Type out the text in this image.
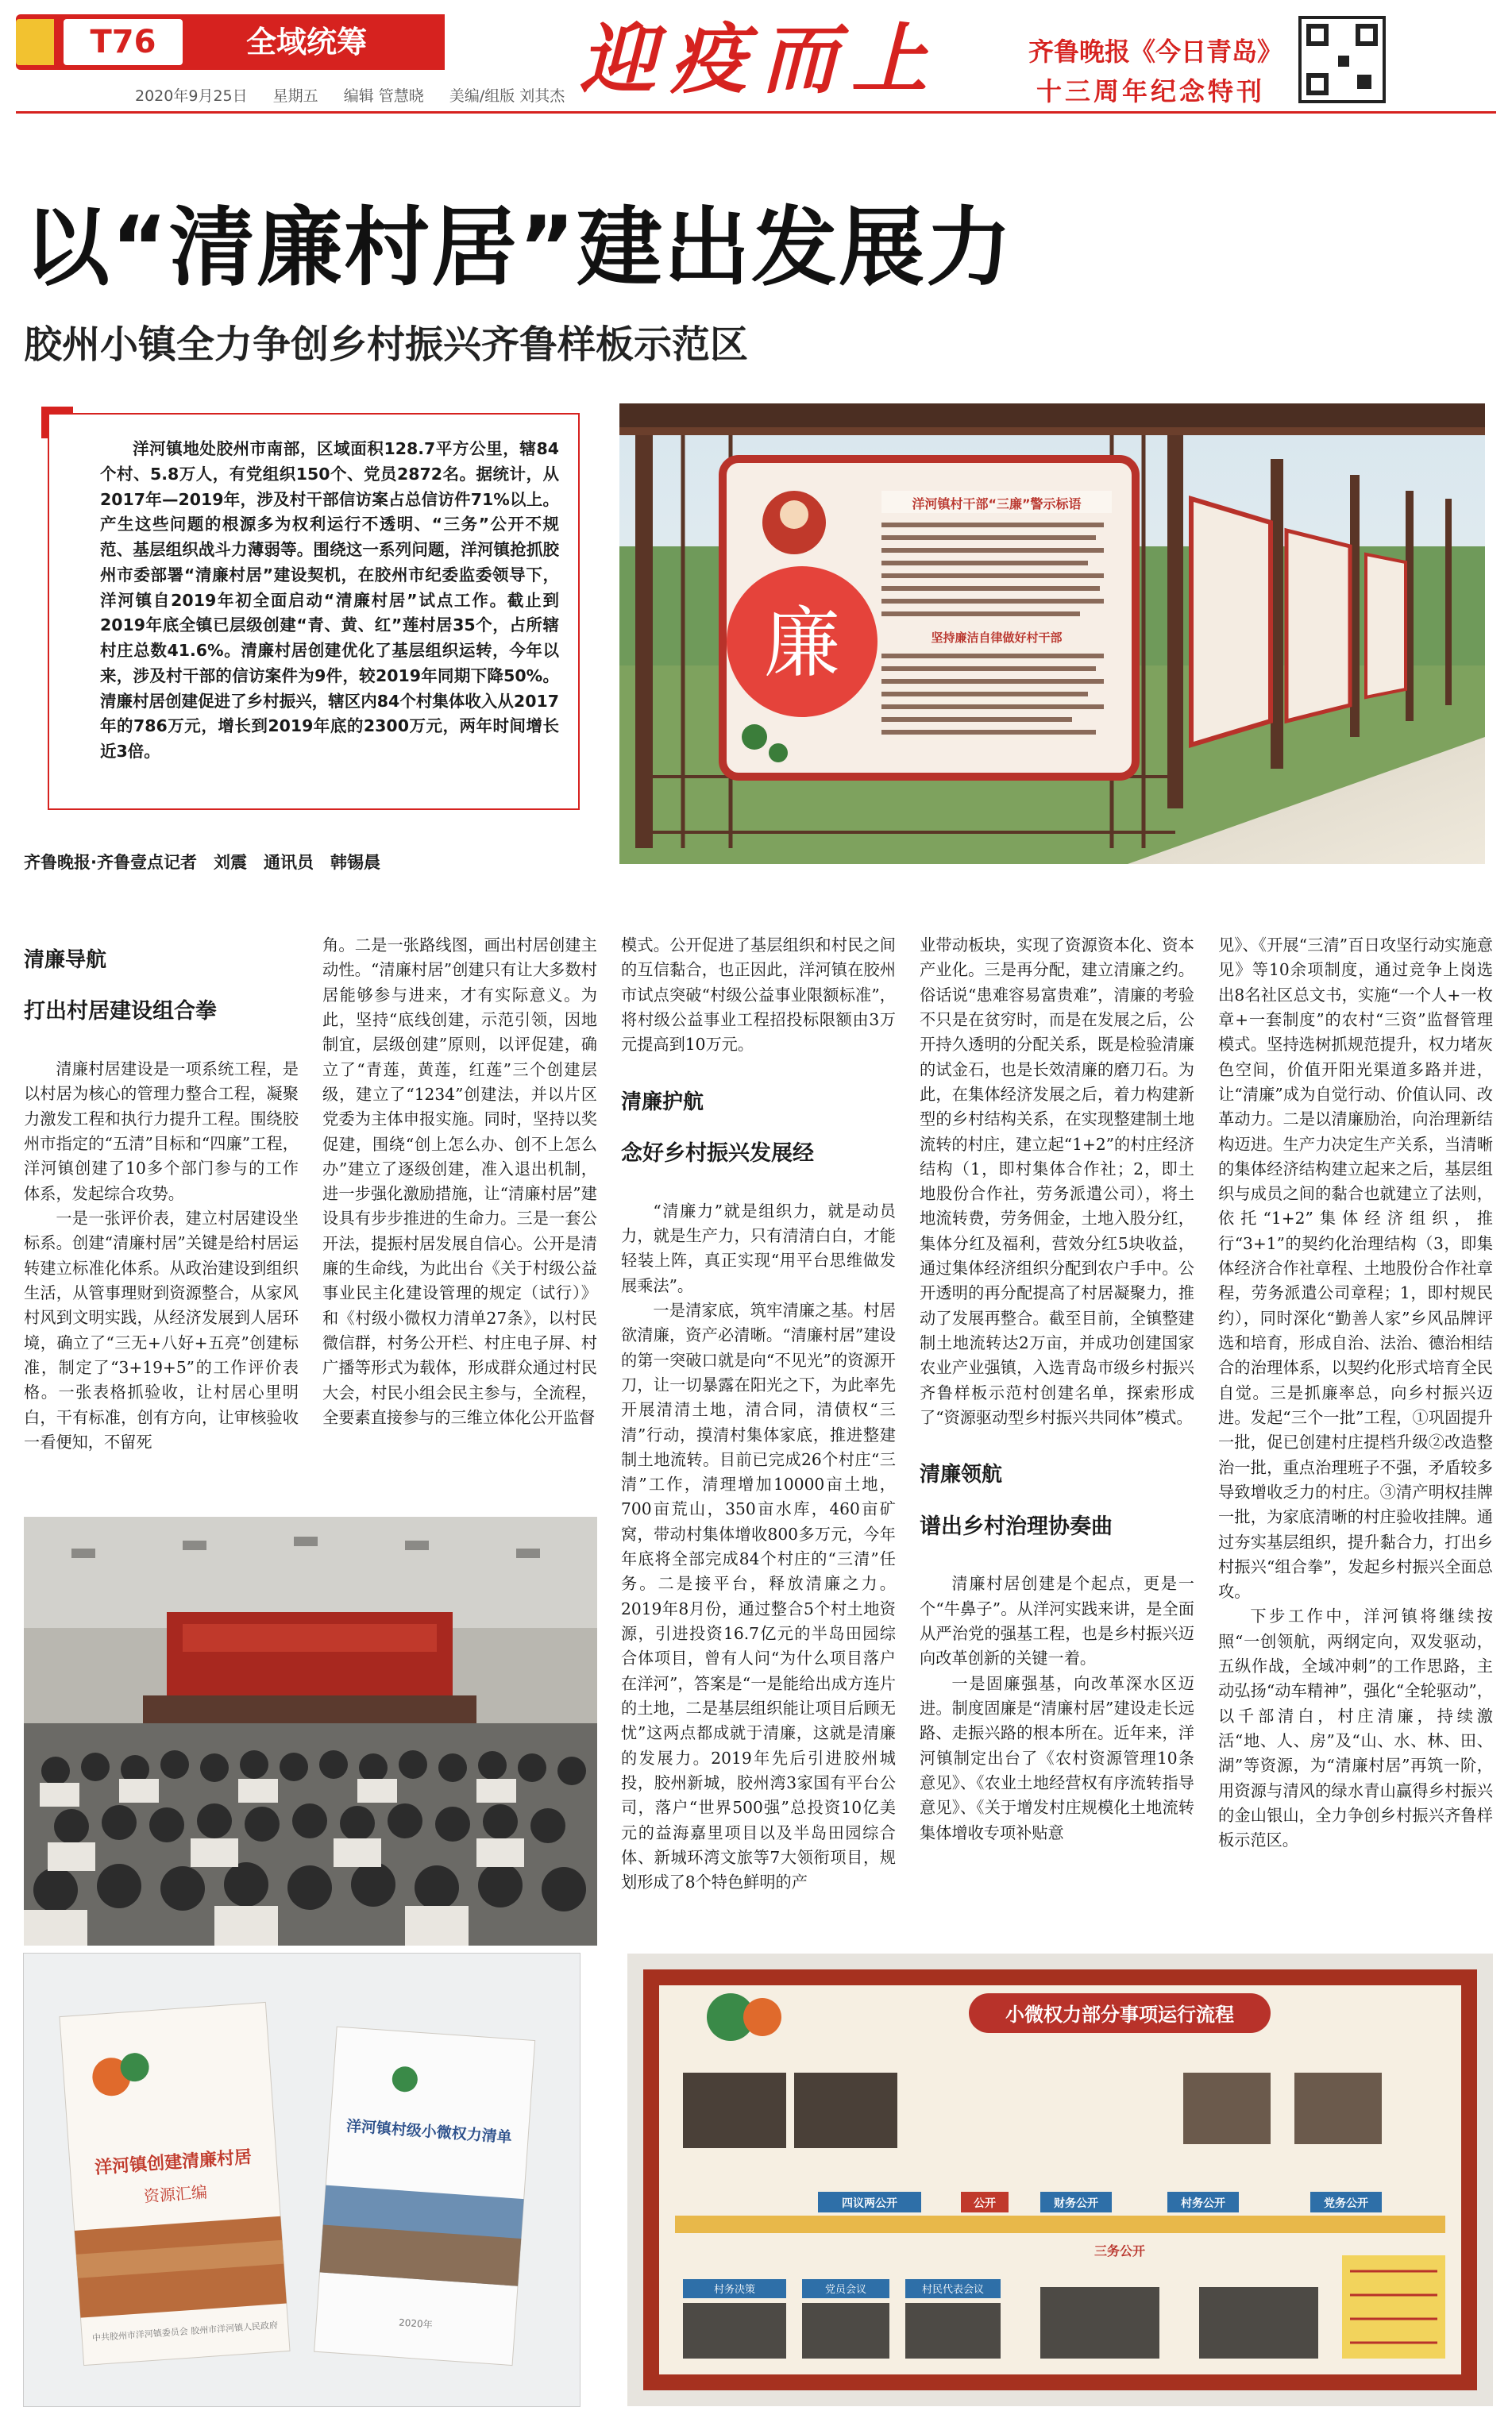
T76	全域统筹
2020年9月25日 星期五 编辑 管慧晓 美编/组版 刘其杰 迎疫而上	齐鲁晚报《今日青岛》
十三周年纪念特刊
以“清廉村居”建出发展力
胶州小镇全力争创乡村振兴齐鲁样板示范区

洋河镇地处胶州市南部，区域面积128.7平方公里，辖84个村、5.8万人，有党组织150个、党员2872名。据统计，从2017年—2019年，涉及村干部信访案占总信访件71%以上。产生这些问题的根源多为权利运行不透明、“三务”公开不规范、基层组织战斗力薄弱等。围绕这一系列问题，洋河镇抢抓胶州市委部署“清廉村居”建设契机，在胶州市纪委监委领导下，洋河镇自2019年初全面启动“清廉村居”试点工作。截止到2019年底全镇已层级创建“青、黄、红”莲村居35个，占所辖村庄总数41.6%。清廉村居创建优化了基层组织运转，今年以来，涉及村干部的信访案件为9件，较2019年同期下降50%。清廉村居创建促进了乡村振兴，辖区内84个村集体收入从2017年的786万元，增长到2019年底的2300万元，两年时间增长近3倍。

齐鲁晚报·齐鲁壹点记者　刘震　通讯员　韩锡晨
廉
洋河镇村干部“三廉”警示标语
坚持廉洁自律做好村干部
清廉导航
打出村居建设组合拳

清廉村居建设是一项系统工程，是以村居为核心的管理力整合工程，凝聚力激发工程和执行力提升工程。围绕胶州市指定的“五清”目标和“四廉”工程，洋河镇创建了10多个部门参与的工作体系，发起综合攻势。

一是一张评价表，建立村居建设坐标系。创建“清廉村居”关键是给村居运转建立标准化体系。从政治建设到组织生活，从管事理财到资源整合，从家风村风到文明实践，从经济发展到人居环境，确立了“三无+八好+五亮”创建标准，制定了“3+19+5”的工作评价表格。一张表格抓验收，让村居心里明白，干有标准，创有方向，让审核验收一看便知，不留死

角。二是一张路线图，画出村居创建主动性。“清廉村居”创建只有让大多数村居能够参与进来，才有实际意义。为此，坚持“底线创建，示范引领，因地制宜，层级创建”原则，以评促建，确立了“青莲，黄莲，红莲”三个创建层级，建立了“1234”创建法，并以片区党委为主体申报实施。同时，坚持以奖促建，围绕“创上怎么办、创不上怎么办”建立了逐级创建，准入退出机制，进一步强化激励措施，让“清廉村居”建设具有步步推进的生命力。三是一套公开法，提振村居发展自信心。公开是清廉的生命线，为此出台《关于村级公益事业民主化建设管理的规定（试行）》和《村级小微权力清单27条》，以村民微信群，村务公开栏、村庄电子屏、村广播等形式为载体，形成群众通过村民大会，村民小组会民主参与，全流程，全要素直接参与的三维立体化公开监督

模式。公开促进了基层组织和村民之间的互信黏合，也正因此，洋河镇在胶州市试点突破“村级公益事业限额标准”，将村级公益事业工程招投标限额由3万元提高到10万元。

清廉护航
念好乡村振兴发展经

“清廉力”就是组织力，就是动员力，就是生产力，只有清清白白，才能轻装上阵，真正实现“用平台思维做发展乘法”。

一是清家底，筑牢清廉之基。村居欲清廉，资产必清晰。“清廉村居”建设的第一突破口就是向“不见光”的资源开刀，让一切暴露在阳光之下，为此率先开展清清土地，清合同，清债权“三清”行动，摸清村集体家底，推进整建制土地流转。目前已完成26个村庄“三清”工作，清理增加10000亩土地，700亩荒山，350亩水库，460亩矿窝，带动村集体增收800多万元，今年年底将全部完成84个村庄的“三清”任务。二是接平台，释放清廉之力。2019年8月份，通过整合5个村土地资源，引进投资16.7亿元的半岛田园综合体项目，曾有人问“为什么项目落户在洋河”，答案是“一是能给出成方连片的土地，二是基层组织能让项目后顾无忧”这两点都成就于清廉，这就是清廉的发展力。2019年先后引进胶州城投，胶州新城，胶州湾3家国有平台公司，落户“世界500强”总投资10亿美元的益海嘉里项目以及半岛田园综合体、新城环湾文旅等7大领衔项目，规划形成了8个特色鲜明的产

业带动板块，实现了资源资本化、资本产业化。三是再分配，建立清廉之约。俗话说“患难容易富贵难”，清廉的考验不只是在贫穷时，而是在发展之后，公开持久透明的分配关系，既是检验清廉的试金石，也是长效清廉的磨刀石。为此，在集体经济发展之后，着力构建新型的乡村结构关系，在实现整建制土地流转的村庄，建立起“1+2”的村庄经济结构（1，即村集体合作社；2，即土地股份合作社，劳务派遣公司），将土地流转费，劳务佣金，土地入股分红，集体分红及福利，营效分红5块收益，通过集体经济组织分配到农户手中。公开透明的再分配提高了村居凝聚力，推动了发展再整合。截至目前，全镇整建制土地流转达2万亩，并成功创建国家农业产业强镇，入选青岛市级乡村振兴齐鲁样板示范村创建名单，探索形成了“资源驱动型乡村振兴共同体”模式。

清廉领航
谱出乡村治理协奏曲

清廉村居创建是个起点，更是一个“牛鼻子”。从洋河实践来讲，是全面从严治党的强基工程，也是乡村振兴迈向改革创新的关键一着。

一是固廉强基，向改革深水区迈进。制度固廉是“清廉村居”建设走长远路、走振兴路的根本所在。近年来，洋河镇制定出台了《农村资源管理10条意见》、《农业土地经营权有序流转指导意见》、《关于增发村庄规模化土地流转集体增收专项补贴意

见》、《开展“三清”百日攻坚行动实施意见》等10余项制度，通过竞争上岗选出8名社区总文书，实施“一个人+一枚章+一套制度”的农村“三资”监督管理模式。坚持选树抓规范提升，权力堵灰色空间，价值开阳光渠道多路并进，让“清廉”成为自觉行动、价值认同、改革动力。二是以清廉励治，向治理新结构迈进。生产力决定生产关系，当清晰的集体经济结构建立起来之后，基层组织与成员之间的黏合也就建立了法则，依托“1+2”集体经济组织，推行“3+1”的契约化治理结构（3，即集体经济合作社章程、土地股份合作社章程，劳务派遣公司章程；1，即村规民约），同时深化“勤善人家”乡风品牌评选和培育，形成自治、法治、德治相结合的治理体系，以契约化形式培育全民自觉。三是抓廉率总，向乡村振兴迈进。发起“三个一批”工程，①巩固提升一批，促已创建村庄提档升级②改造整治一批，重点治理班子不强，矛盾较多导致增收乏力的村庄。③清产明权挂牌一批，为家底清晰的村庄验收挂牌。通过夯实基层组织，提升黏合力，打出乡村振兴“组合拳”，发起乡村振兴全面总攻。

下步工作中，洋河镇将继续按照“一创领航，两纲定向，双发驱动，五纵作战，全域冲刺”的工作思路，主动弘扬“动车精神”，强化“全轮驱动”，以千部清白，村庄清廉，持续激活“地、人、房”及“山、水、林、田、湖”等资源，为“清廉村居”再筑一阶，用资源与清风的绿水青山赢得乡村振兴的金山银山，全力争创乡村振兴齐鲁样板示范区。

洋河镇创建清廉村居
资源汇编
中共胶州市洋河镇委员会 胶州市洋河镇人民政府
洋河镇村级小微权力清单
2020年
小微权力部分事项运行流程
四议两公开	公开	财务公开	村务公开	党务公开
三务公开
村务决策	党员会议	村民代表会议
